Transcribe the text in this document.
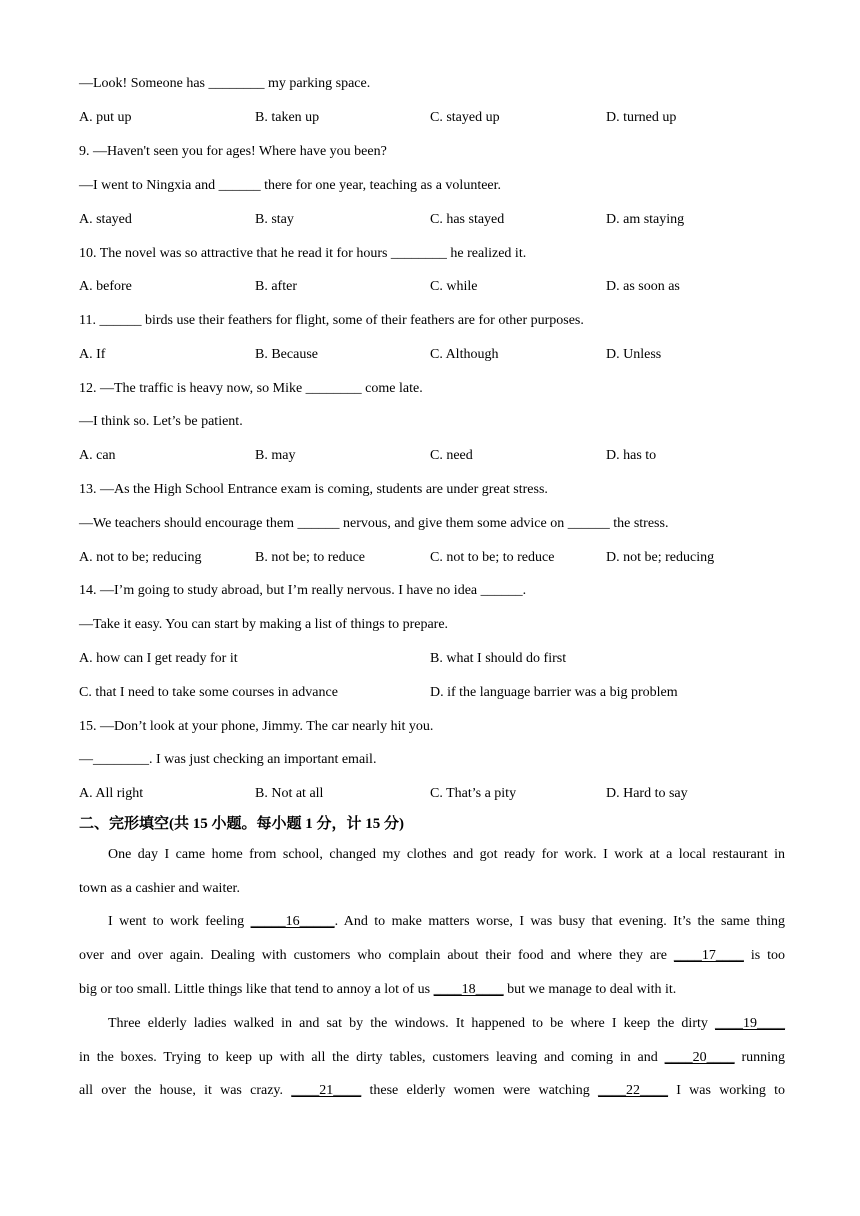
—Look! Someone has ________ my parking space.
A. put up	B. taken up	C. stayed up	D. turned up
9. —Haven't seen you for ages! Where have you been?
—I went to Ningxia and ______ there for one year, teaching as a volunteer.
A. stayed	B. stay	C. has stayed	D. am staying
10. The novel was so attractive that he read it for hours ________ he realized it.
A. before	B. after	C. while	D. as soon as
11. ______ birds use their feathers for flight, some of their feathers are for other purposes.
A. If	B. Because	C. Although	D. Unless
12. —The traffic is heavy now, so Mike ________ come late.
—I think so. Let’s be patient.
A. can	B. may	C. need	D. has to
13. —As the High School Entrance exam is coming, students are under great stress.
—We teachers should encourage them ______ nervous, and give them some advice on ______ the stress.
A. not to be; reducing	B. not be; to reduce	C. not to be; to reduce	D. not be; reducing
14. —I’m going to study abroad, but I’m really nervous. I have no idea ______.
—Take it easy. You can start by making a list of things to prepare.
A. how can I get ready for it	B. what I should do first
C. that I need to take some courses in advance	D. if the language barrier was a big problem
15. —Don’t look at your phone, Jimmy. The car nearly hit you.
—________. I was just checking an important email.
A. All right	B. Not at all	C. That’s a pity	D. Hard to say
二、完形填空(共 15 小题。每小题 1 分，计 15 分)
One day I came home from school, changed my clothes and got ready for work. I work at a local restaurant in
town as a cashier and waiter.
I went to work feeling _____16_____. And to make matters worse, I was busy that evening. It’s the same thing
over and over again. Dealing with customers who complain about their food and where they are ____17____ is too
big or too small. Little things like that tend to annoy a lot of us ____18____ but we manage to deal with it.
Three elderly ladies walked in and sat by the windows. It happened to be where I keep the dirty ____19____
in the boxes. Trying to keep up with all the dirty tables, customers leaving and coming in and ____20____ running
all over the house, it was crazy. ____21____ these elderly women were watching ____22____ I was working to
